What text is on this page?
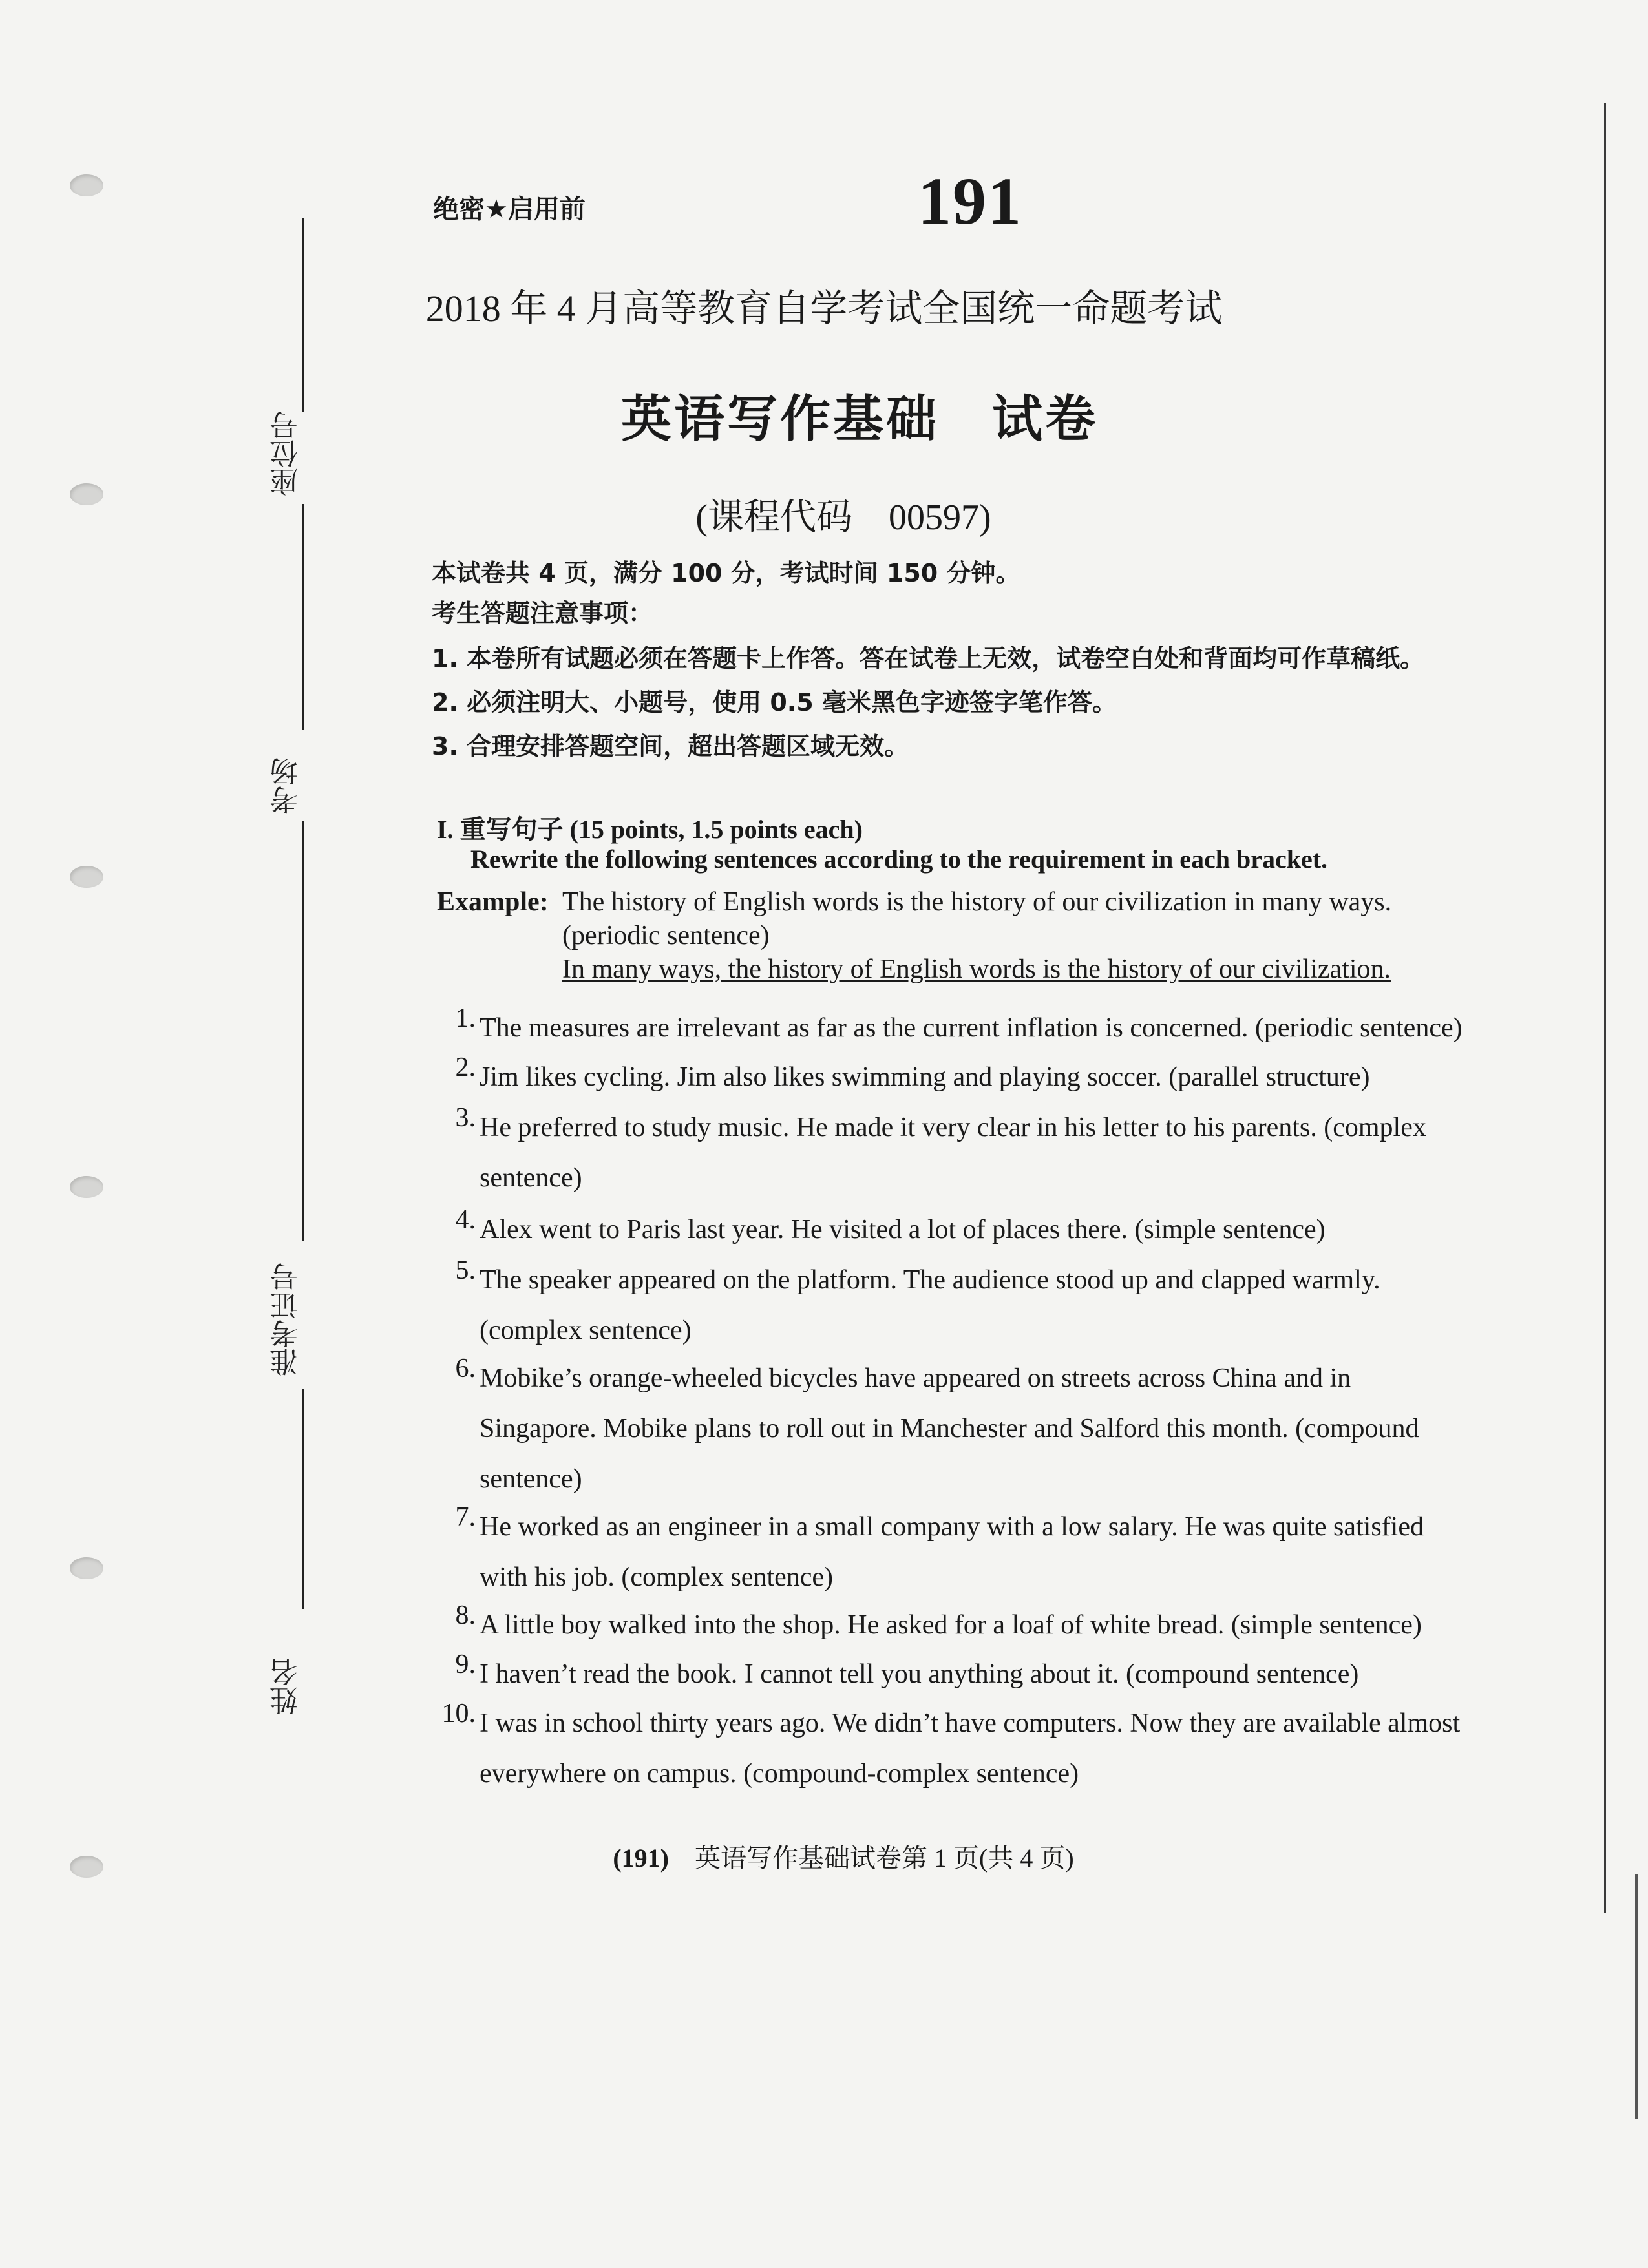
座位号
考场
准考证号
姓名
绝密★启用前	191
2018 年 4 月高等教育自学考试全国统一命题考试
英语写作基础　试卷
(课程代码　00597)
本试卷共 4 页，满分 100 分，考试时间 150 分钟。
考生答题注意事项：
1. 本卷所有试题必须在答题卡上作答。答在试卷上无效，试卷空白处和背面均可作草稿纸。
2. 必须注明大、小题号，使用 0.5 毫米黑色字迹签字笔作答。
3. 合理安排答题空间，超出答题区域无效。
I. 重写句子 (15 points, 1.5 points each)
Rewrite the following sentences according to the requirement in each bracket.
Example: The history of English words is the history of our civilization in many ways.
(periodic sentence)
In many ways, the history of English words is the history of our civilization.
1. The measures are irrelevant as far as the current inflation is concerned. (periodic sentence)
2. Jim likes cycling. Jim also likes swimming and playing soccer. (parallel structure)
3. He preferred to study music. He made it very clear in his letter to his parents. (complex
sentence)
4. Alex went to Paris last year. He visited a lot of places there. (simple sentence)
5. The speaker appeared on the platform. The audience stood up and clapped warmly.
(complex sentence)
6. Mobike’s orange-wheeled bicycles have appeared on streets across China and in
Singapore. Mobike plans to roll out in Manchester and Salford this month. (compound
sentence)
7. He worked as an engineer in a small company with a low salary. He was quite satisfied
with his job. (complex sentence)
8. A little boy walked into the shop. He asked for a loaf of white bread. (simple sentence)
9. I haven’t read the book. I cannot tell you anything about it. (compound sentence)
10. I was in school thirty years ago. We didn’t have computers. Now they are available almost
everywhere on campus. (compound-complex sentence)
(191) 英语写作基础试卷第 1 页(共 4 页)
